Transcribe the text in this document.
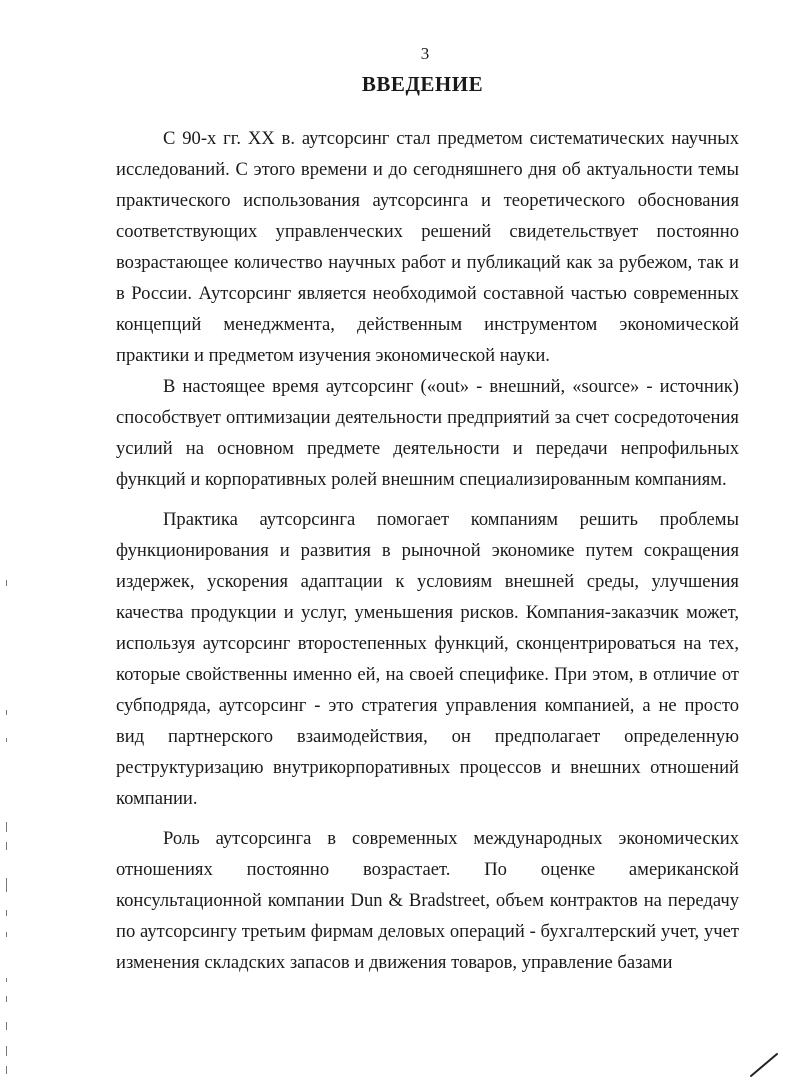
3
ВВЕДЕНИЕ

С 90-х гг. XX в. аутсорсинг стал предметом систематических научных исследований. С этого времени и до сегодняшнего дня об актуальности темы практического использования аутсорсинга и теоретического обоснования соответствующих управленческих решений свидетельствует постоянно возрастающее количество научных работ и публикаций как за рубежом, так и в России. Аутсорсинг является необходимой составной частью современных концепций менеджмента, действенным инструментом экономической практики и предметом изучения экономической науки.

В настоящее время аутсорсинг («out» - внешний, «source» - источник) способствует оптимизации деятельности предприятий за счет сосредоточения усилий на основном предмете деятельности и передачи непрофильных функций и корпоративных ролей внешним специализированным компаниям.

Практика аутсорсинга помогает компаниям решить проблемы функционирования и развития в рыночной экономике путем сокращения издержек, ускорения адаптации к условиям внешней среды, улучшения качества продукции и услуг, уменьшения рисков. Компания-заказчик может, используя аутсорсинг второстепенных функций, сконцентрироваться на тех, которые свойственны именно ей, на своей специфике. При этом, в отличие от субподряда, аутсорсинг - это стратегия управления компанией, а не просто вид партнерского взаимодействия, он предполагает определенную реструктуризацию внутрикорпоративных процессов и внешних отношений компании.

Роль аутсорсинга в современных международных экономических отношениях постоянно возрастает. По оценке американской консультационной компании Dun & Bradstreet, объем контрактов на передачу по аутсорсингу третьим фирмам деловых операций - бухгалтерский учет, учет изменения складских запасов и движения товаров, управление базами
